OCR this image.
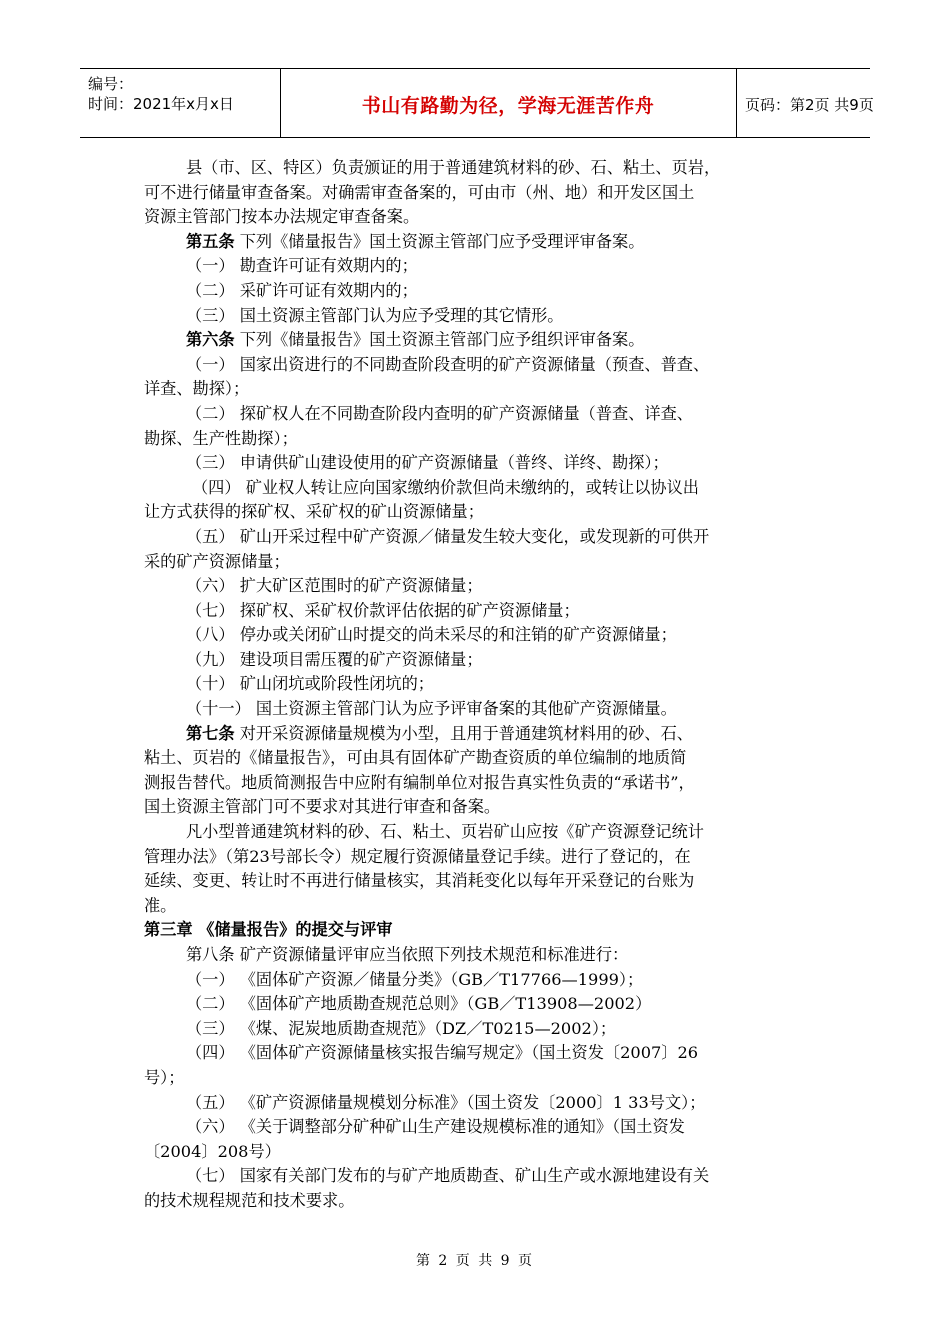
编号：
时间：2021年x月x日	书山有路勤为径，学海无涯苦作舟	页码：第2页 共9页
县（市、区、特区）负责颁证的用于普通建筑材料的砂、石、粘土、页岩，
可不进行储量审查备案。对确需审查备案的，可由市（州、地）和开发区国土
资源主管部门按本办法规定审查备案。
第五条 下列《储量报告》国土资源主管部门应予受理评审备案。
（一） 勘查许可证有效期内的；
（二） 采矿许可证有效期内的；
（三） 国土资源主管部门认为应予受理的其它情形。
第六条 下列《储量报告》国土资源主管部门应予组织评审备案。
（一） 国家出资进行的不同勘查阶段查明的矿产资源储量（预查、普查、
详查、勘探）；
（二） 探矿权人在不同勘查阶段内查明的矿产资源储量（普查、详查、
勘探、生产性勘探）；
（三） 申请供矿山建设使用的矿产资源储量（普终、详终、勘探）；
（四） 矿业权人转让应向国家缴纳价款但尚未缴纳的，或转让以协议出
让方式获得的探矿权、采矿权的矿山资源储量；
（五） 矿山开采过程中矿产资源／储量发生较大变化，或发现新的可供开
采的矿产资源储量；
（六） 扩大矿区范围时的矿产资源储量；
（七） 探矿权、采矿权价款评估依据的矿产资源储量；
（八） 停办或关闭矿山时提交的尚未采尽的和注销的矿产资源储量；
（九） 建设项目需压覆的矿产资源储量；
（十） 矿山闭坑或阶段性闭坑的；
（十一） 国土资源主管部门认为应予评审备案的其他矿产资源储量。
第七条 对开采资源储量规模为小型，且用于普通建筑材料用的砂、石、
粘土、页岩的《储量报告》，可由具有固体矿产勘查资质的单位编制的地质简
测报告替代。地质简测报告中应附有编制单位对报告真实性负责的“承诺书”，
国土资源主管部门可不要求对其进行审查和备案。
凡小型普通建筑材料的砂、石、粘土、页岩矿山应按《矿产资源登记统计
管理办法》（第23号部长令）规定履行资源储量登记手续。进行了登记的，在
延续、变更、转让时不再进行储量核实，其消耗变化以每年开采登记的台账为
准。
第三章 《储量报告》的提交与评审
第八条 矿产资源储量评审应当依照下列技术规范和标准进行：
（一） 《固体矿产资源／储量分类》（GB／T17766—1999）；
（二） 《固体矿产地质勘查规范总则》（GB／T13908—2002）
（三） 《煤、泥炭地质勘查规范》（DZ／T0215—2002）；
（四） 《固体矿产资源储量核实报告编写规定》（国土资发〔2007〕26
号）；
（五） 《矿产资源储量规模划分标准》（国土资发〔2000〕1 33号文）；
（六） 《关于调整部分矿种矿山生产建设规模标准的通知》（国土资发
〔2004〕208号）
（七） 国家有关部门发布的与矿产地质勘查、矿山生产或水源地建设有关
的技术规程规范和技术要求。
第 2 页 共 9 页
